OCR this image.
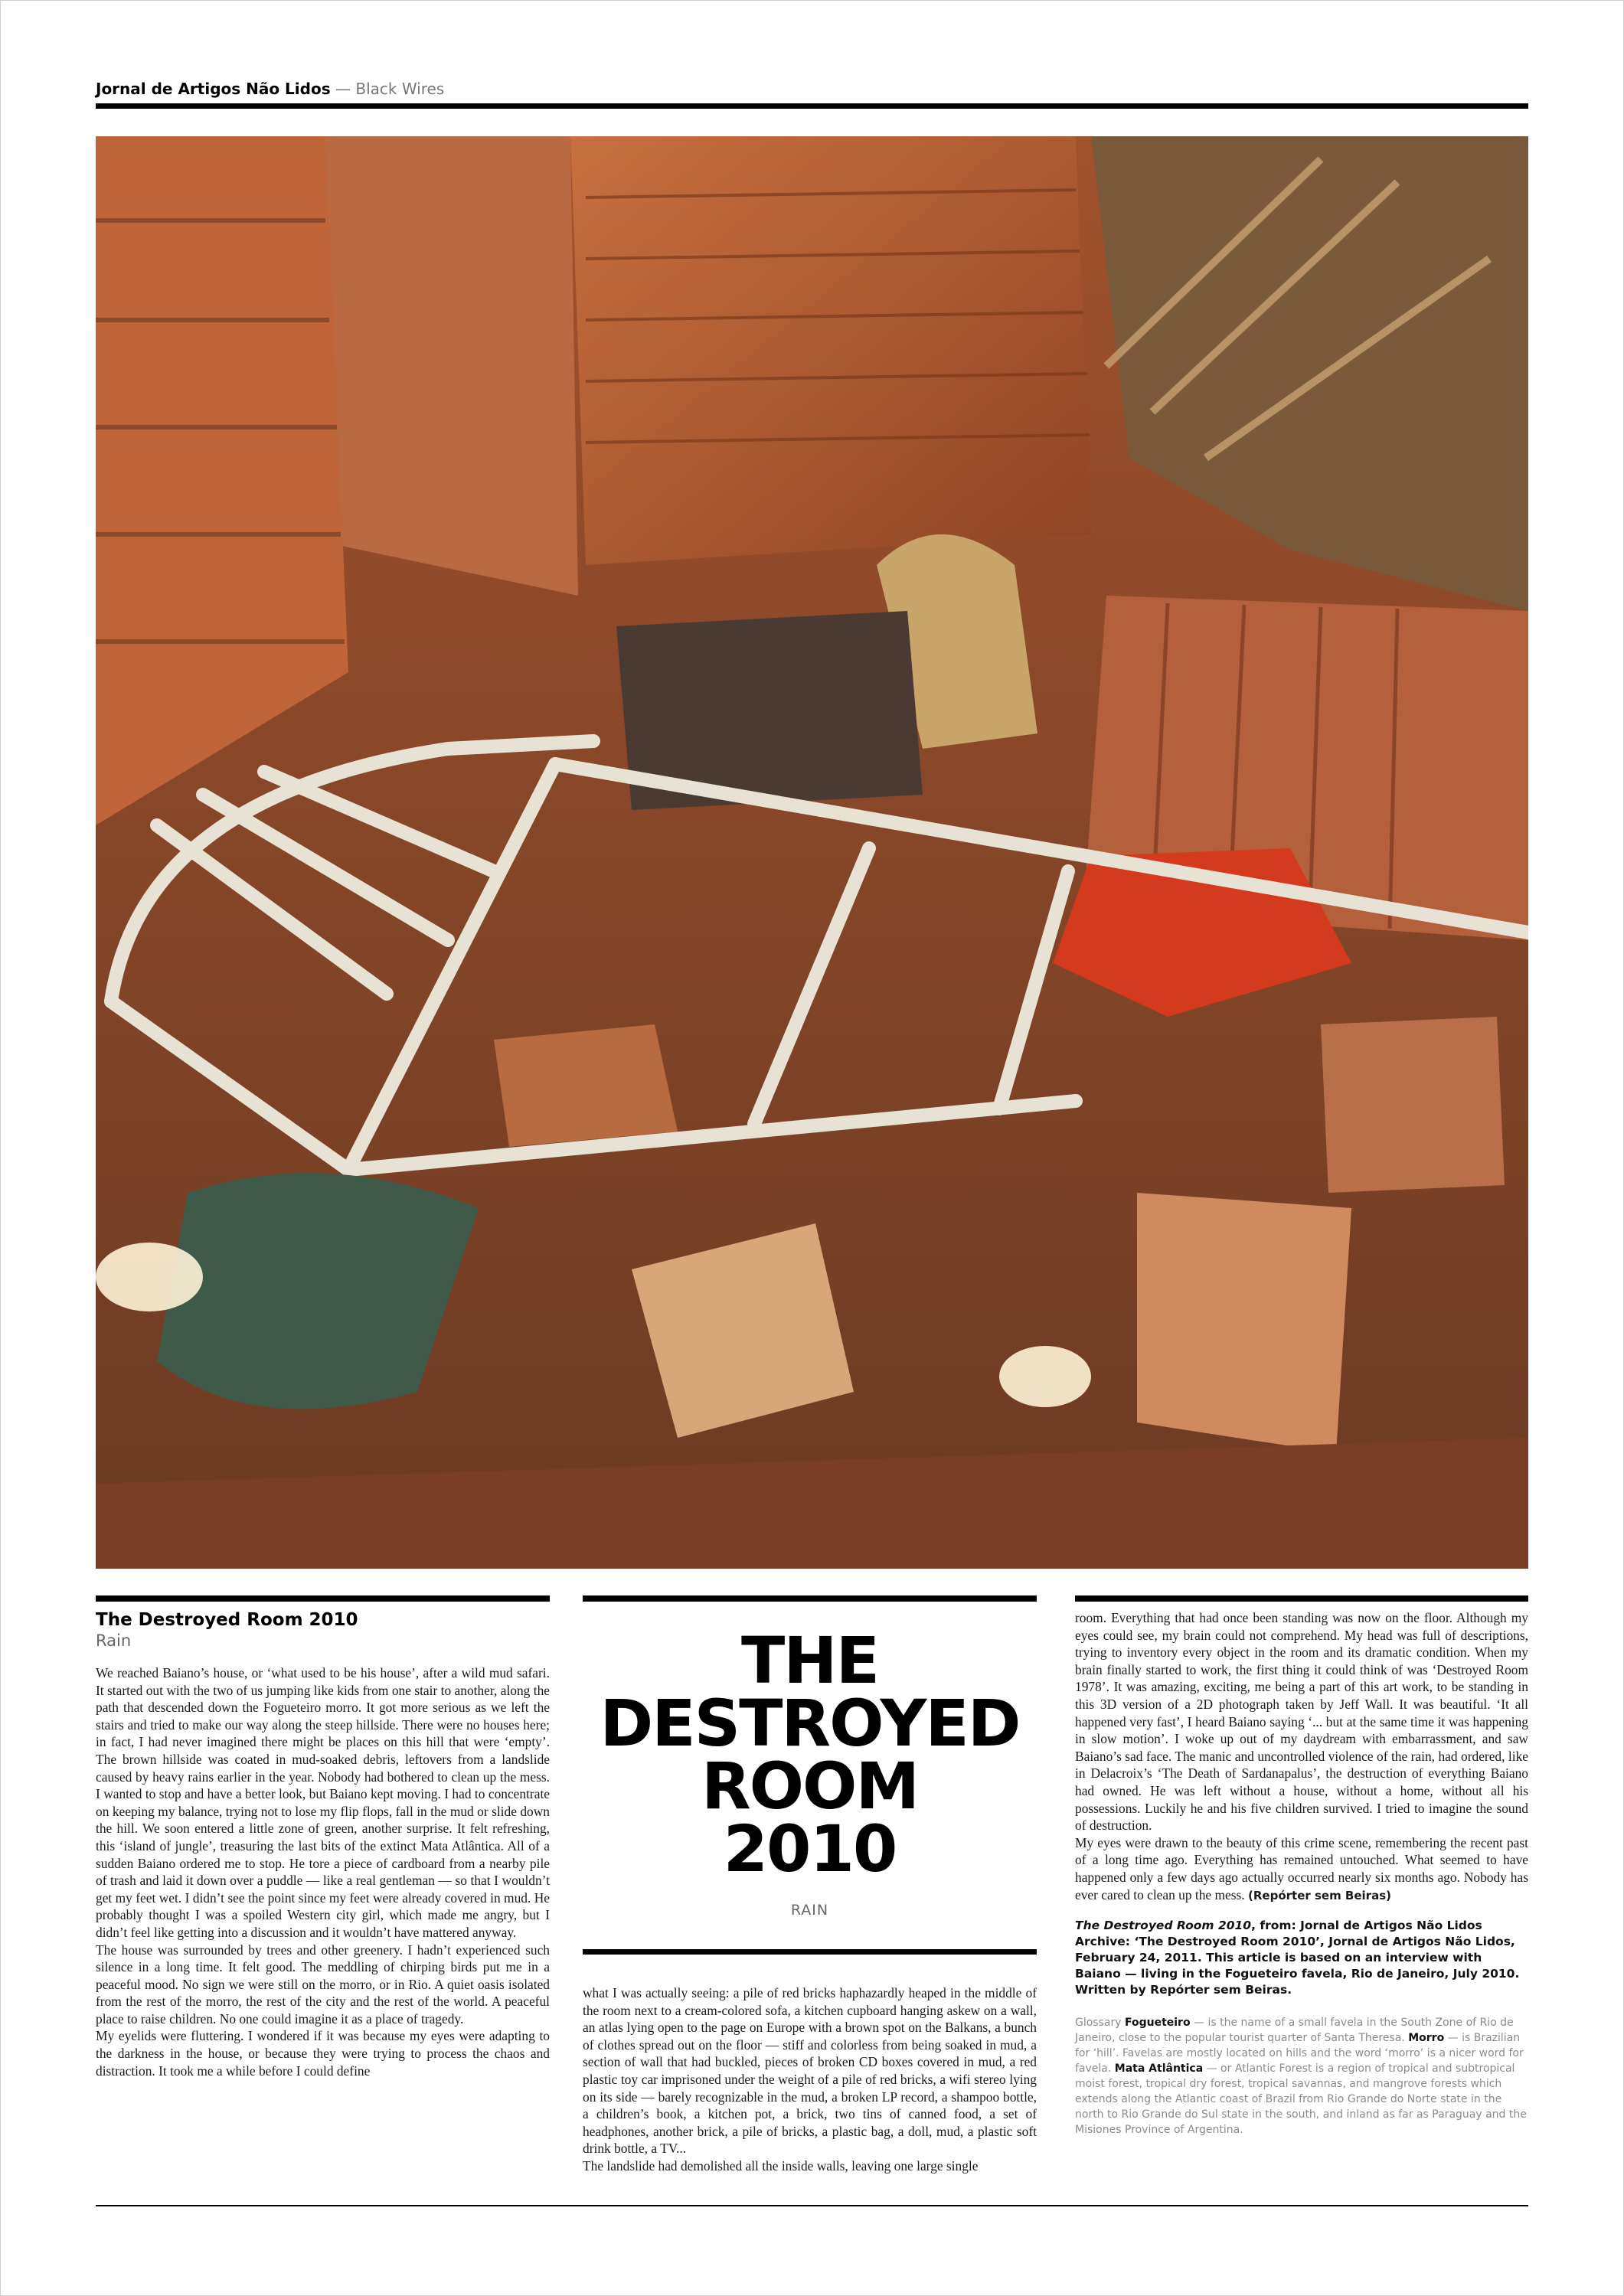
Jornal de Artigos Não Lidos — Black Wires
The Destroyed Room 2010
Rain

We reached Baiano’s house, or ‘what used to be his house’, after a wild mud safari. It started out with the two of us jumping like kids from one stair to another, along the path that descended down the Fogueteiro morro. It got more serious as we left the stairs and tried to make our way along the steep hillside. There were no houses here; in fact, I had never imagined there might be places on this hill that were ‘empty’. The brown hillside was coated in mud-soaked debris, leftovers from a landslide caused by heavy rains earlier in the year. Nobody had bothered to clean up the mess. I wanted to stop and have a better look, but Baiano kept moving. I had to concentrate on keeping my balance, trying not to lose my flip flops, fall in the mud or slide down the hill. We soon entered a little zone of green, another surprise. It felt refreshing, this ‘island of jungle’, treasuring the last bits of the extinct Mata Atlântica. All of a sudden Baiano ordered me to stop. He tore a piece of cardboard from a nearby pile of trash and laid it down over a puddle — like a real gentleman — so that I wouldn’t get my feet wet. I didn’t see the point since my feet were already covered in mud. He probably thought I was a spoiled Western city girl, which made me angry, but I didn’t feel like getting into a discussion and it wouldn’t have mattered anyway.

The house was surrounded by trees and other greenery. I hadn’t experienced such silence in a long time. It felt good. The meddling of chirping birds put me in a peaceful mood. No sign we were still on the morro, or in Rio. A quiet oasis isolated from the rest of the morro, the rest of the city and the rest of the world. A peaceful place to raise children. No one could imagine it as a place of tragedy.

My eyelids were fluttering. I wondered if it was because my eyes were adapting to the darkness in the house, or because they were trying to process the chaos and distraction. It took me a while before I could define

THE
DESTROYED
ROOM
2010
RAIN

what I was actually seeing: a pile of red bricks haphazardly heaped in the middle of the room next to a cream-colored sofa, a kitchen cupboard hanging askew on a wall, an atlas lying open to the page on Europe with a brown spot on the Balkans, a bunch of clothes spread out on the floor — stiff and colorless from being soaked in mud, a section of wall that had buckled, pieces of broken CD boxes covered in mud, a red plastic toy car imprisoned under the weight of a pile of red bricks, a wifi stereo lying on its side — barely recognizable in the mud, a broken LP record, a shampoo bottle, a children’s book, a kitchen pot, a brick, two tins of canned food, a set of headphones, another brick, a pile of bricks, a plastic bag, a doll, mud, a plastic soft drink bottle, a TV...

The landslide had demolished all the inside walls, leaving one large single

room. Everything that had once been standing was now on the floor. Although my eyes could see, my brain could not comprehend. My head was full of descriptions, trying to inventory every object in the room and its dramatic condition. When my brain finally started to work, the first thing it could think of was ‘Destroyed Room 1978’. It was amazing, exciting, me being a part of this art work, to be standing in this 3D version of a 2D photograph taken by Jeff Wall. It was beautiful. ‘It all happened very fast’, I heard Baiano saying ‘... but at the same time it was happening in slow motion’. I woke up out of my daydream with embarrassment, and saw Baiano’s sad face. The manic and uncontrolled violence of the rain, had ordered, like in Delacroix’s ‘The Death of Sardanapalus’, the destruction of everything Baiano had owned. He was left without a house, without a home, without all his possessions. Luckily he and his five children survived. I tried to imagine the sound of destruction.

My eyes were drawn to the beauty of this crime scene, remembering the recent past of a long time ago. Everything has remained untouched. What seemed to have happened only a few days ago actually occurred nearly six months ago. Nobody has ever cared to clean up the mess. (Repórter sem Beiras)

The Destroyed Room 2010, from: Jornal de Artigos Não Lidos Archive: ‘The Destroyed Room 2010’, Jornal de Artigos Não Lidos, February 24, 2011. This article is based on an interview with Baiano — living in the Fogueteiro favela, Rio de Janeiro, July 2010. Written by Repórter sem Beiras.
Glossary Fogueteiro — is the name of a small favela in the South Zone of Rio de Janeiro, close to the popular tourist quarter of Santa Theresa. Morro — is Brazilian for ‘hill’. Favelas are mostly located on hills and the word ‘morro’ is a nicer word for favela. Mata Atlântica — or Atlantic Forest is a region of tropical and subtropical moist forest, tropical dry forest, tropical savannas, and mangrove forests which extends along the Atlantic coast of Brazil from Rio Grande do Norte state in the north to Rio Grande do Sul state in the south, and inland as far as Paraguay and the Misiones Province of Argentina.
